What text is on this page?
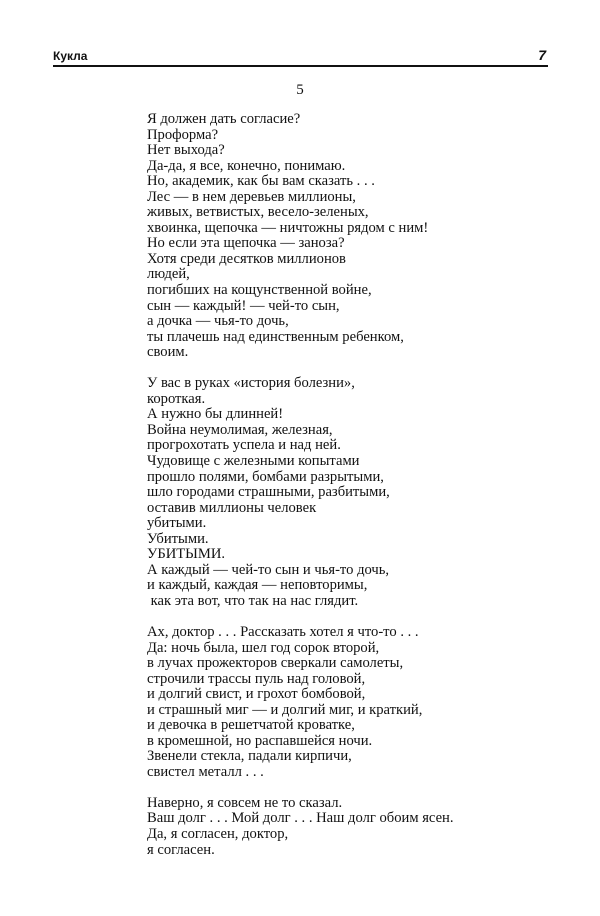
Кукла	7
5
Я должен дать согласие?
Проформа?
Нет выхода?
Да-да, я все, конечно, понимаю.
Но, академик, как бы вам сказать . . .
Лес — в нем деревьев миллионы,
живых, ветвистых, весело-зеленых,
хвоинка, щепочка — ничтожны рядом с ним!
Но если эта щепочка — заноза?
Хотя среди десятков миллионов
людей,
погибших на кощунственной войне,
сын — каждый! — чей-то сын,
а дочка — чья-то дочь,
ты плачешь над единственным ребенком,
своим.
У вас в руках «история болезни»,
короткая.
А нужно бы длинней!
Война неумолимая, железная,
прогрохотать успела и над ней.
Чудовище с железными копытами
прошло полями, бомбами разрытыми,
шло городами страшными, разбитыми,
оставив миллионы человек
убитыми.
Убитыми.
УБИТЫМИ.
А каждый — чей-то сын и чья-то дочь,
и каждый, каждая — неповторимы,
как эта вот, что так на нас глядит.
Ах, доктор . . . Рассказать хотел я что-то . . .
Да: ночь была, шел год сорок второй,
в лучах прожекторов сверкали самолеты,
строчили трассы пуль над головой,
и долгий свист, и грохот бомбовой,
и страшный миг — и долгий миг, и краткий,
и девочка в решетчатой кроватке,
в кромешной, но распавшейся ночи.
Звенели стекла, падали кирпичи,
свистел металл . . .
Наверно, я совсем не то сказал.
Ваш долг . . . Мой долг . . . Наш долг обоим ясен.
Да, я согласен, доктор,
я согласен.
